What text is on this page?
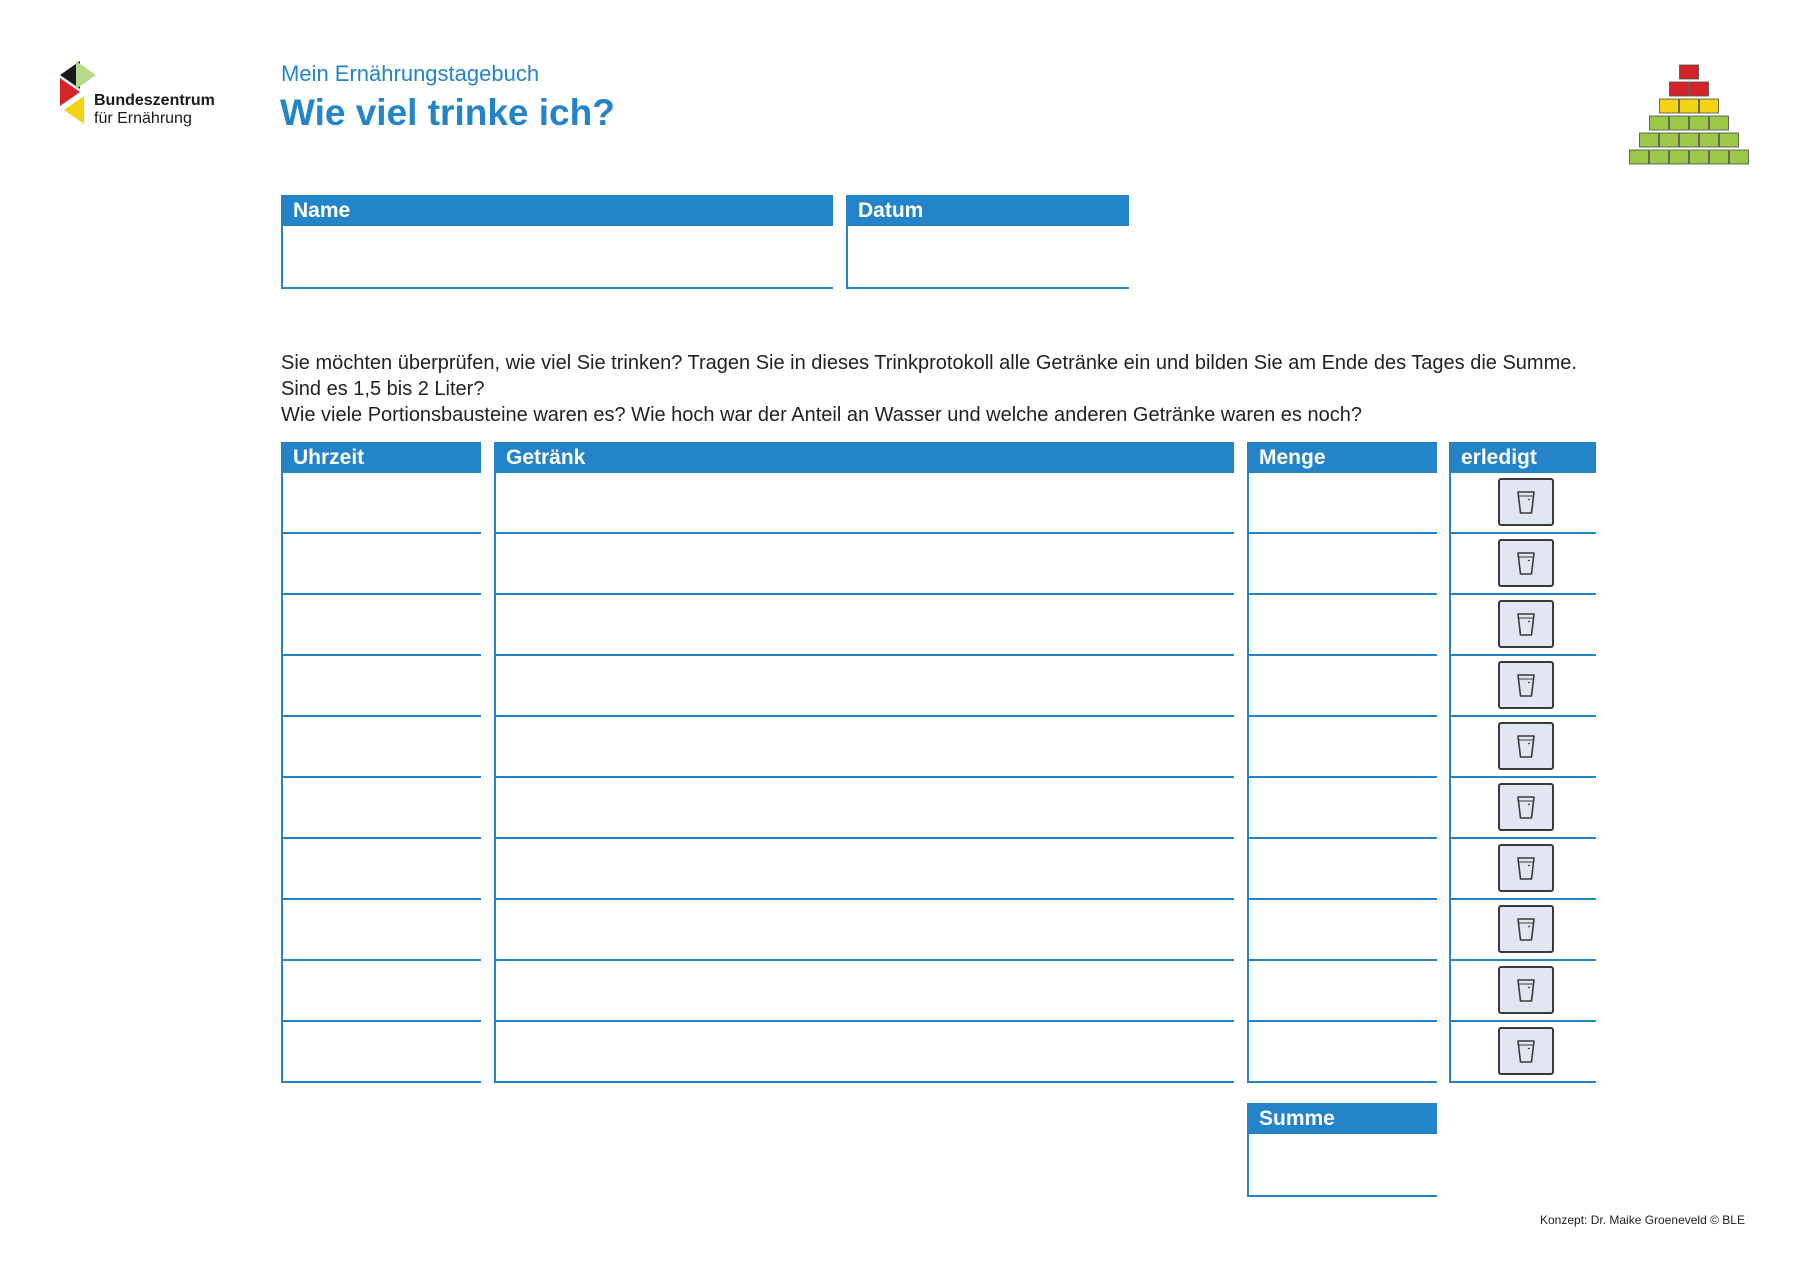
Bundeszentrum
für Ernährung
Mein Ernährungstagebuch
Wie viel trinke ich?
Name	Datum
Sie möchten überprüfen, wie viel Sie trinken? Tragen Sie in dieses Trinkprotokoll alle Getränke ein und bilden Sie am Ende des Tages die Summe.
Sind es 1,5 bis 2 Liter?
Wie viele Portionsbausteine waren es? Wie hoch war der Anteil an Wasser und welche anderen Getränke waren es noch?
Uhrzeit	Getränk	Menge	erledigt
Summe
Konzept: Dr. Maike Groeneveld © BLE
